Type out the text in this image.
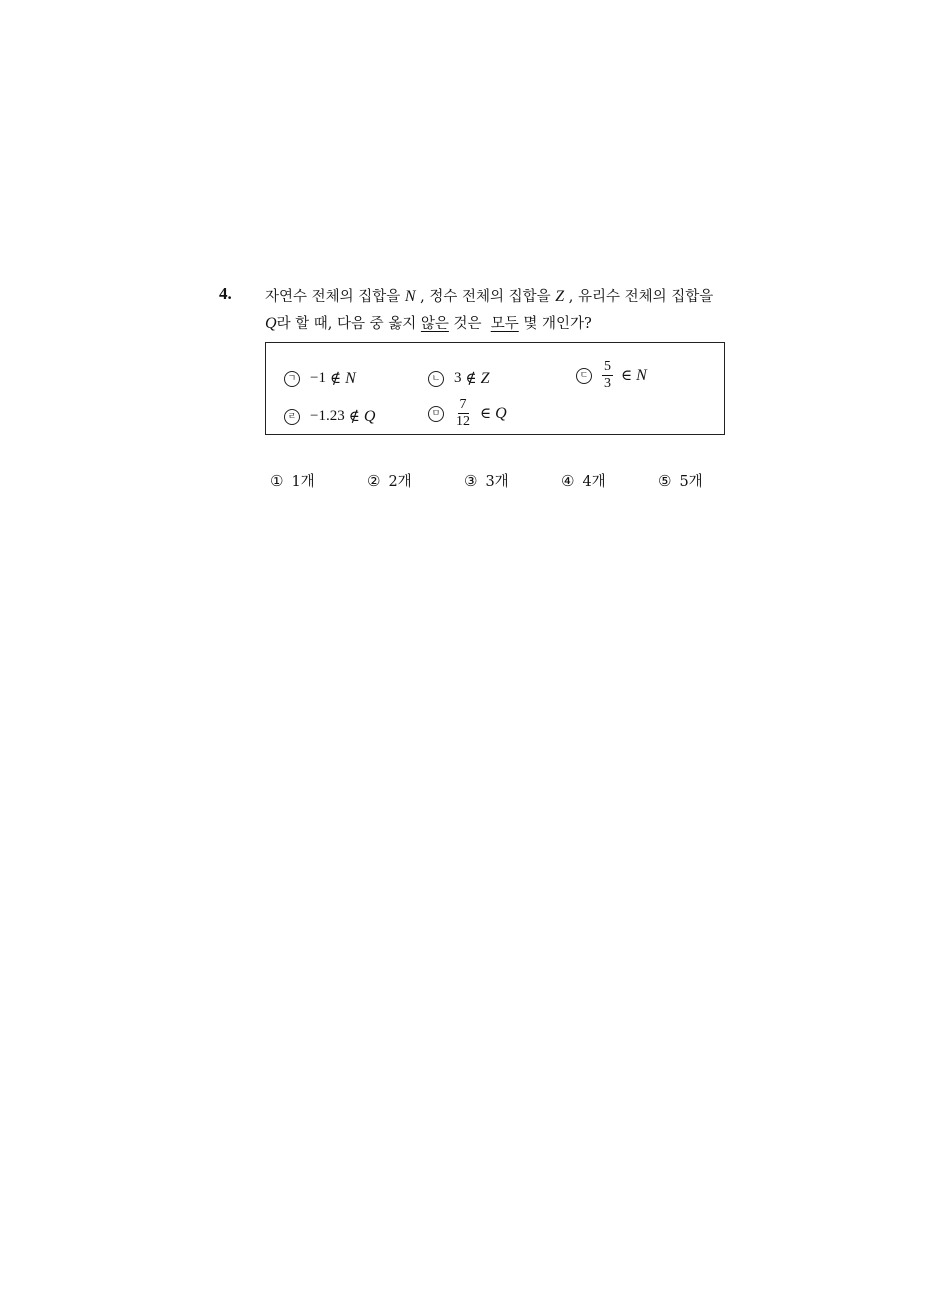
4. 자연수 전체의 집합을 N , 정수 전체의 집합을 Z , 유리수 전체의 집합을
Q라 할 때, 다음 중 옳지 않은 것은 모두 몇 개인가?
ㄱ −1 ∉ N	ㄴ 3 ∉ Z	ㄷ $\frac{5}{3}$ ∈ N
ㄹ −1.23 ∉ Q	ㅁ $\frac{7}{12}$ ∈ Q
① 1개	② 2개	③ 3개	④ 4개	⑤ 5개
